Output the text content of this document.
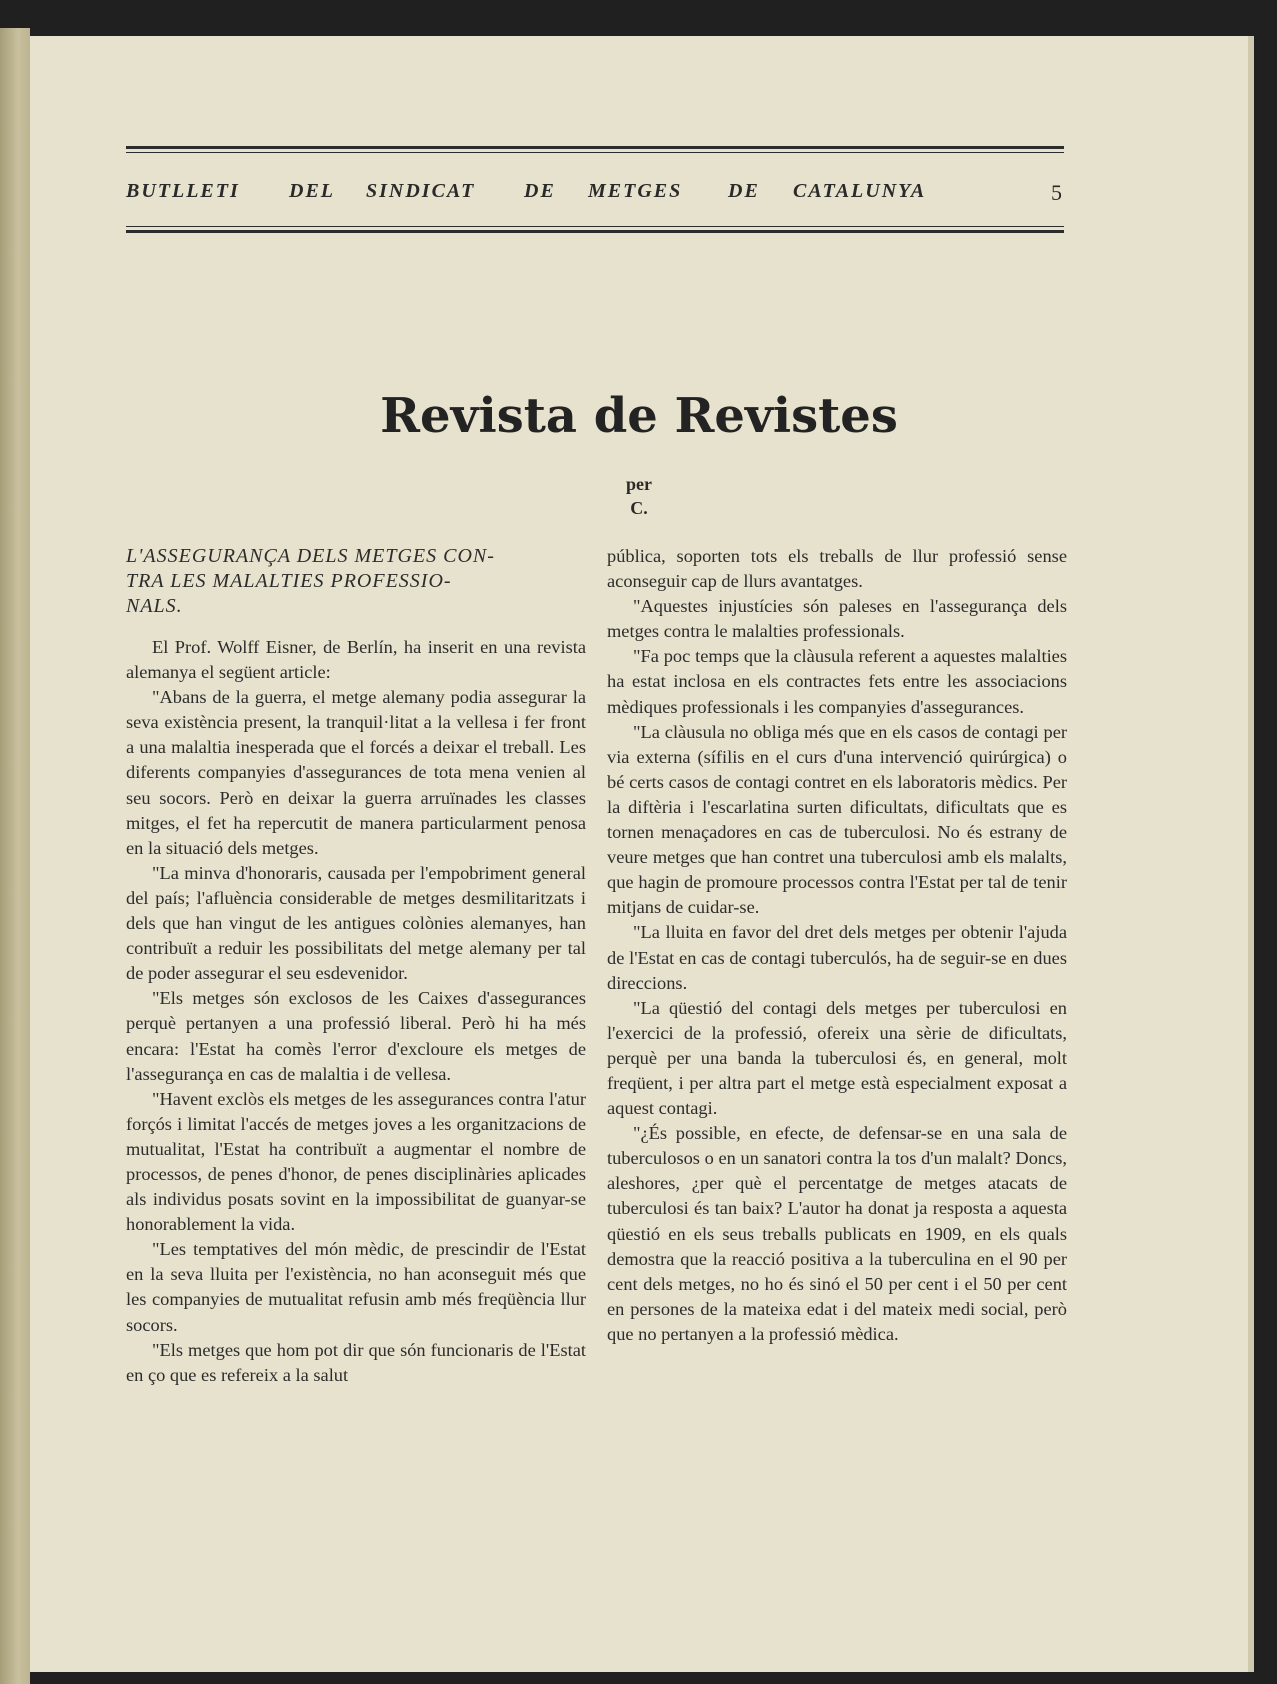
BUTLLETI DEL SINDICAT DE METGES DE CATALUNYA	5
Revista de Revistes
per
C.

L'ASSEGURANÇA DELS METGES CON-
TRA LES MALALTIES PROFESSIO-
NALS.

El Prof. Wolff Eisner, de Berlín, ha inserit en una revista alemanya el següent article:

"Abans de la guerra, el metge alemany podia assegurar la seva existència present, la tranquil·litat a la vellesa i fer front a una malaltia inesperada que el forcés a deixar el treball. Les diferents companyies d'assegurances de tota mena venien al seu socors. Però en deixar la guerra arruïnades les classes mitges, el fet ha repercutit de manera particularment penosa en la situació dels metges.

"La minva d'honoraris, causada per l'empobriment general del país; l'afluència considerable de metges desmilitaritzats i dels que han vingut de les antigues colònies alemanyes, han contribuït a reduir les possibilitats del metge alemany per tal de poder assegurar el seu esdevenidor.

"Els metges són exclosos de les Caixes d'assegurances perquè pertanyen a una professió liberal. Però hi ha més encara: l'Estat ha comès l'error d'excloure els metges de l'assegurança en cas de malaltia i de vellesa.

"Havent exclòs els metges de les assegurances contra l'atur forçós i limitat l'accés de metges joves a les organitzacions de mutualitat, l'Estat ha contribuït a augmentar el nombre de processos, de penes d'honor, de penes disciplinàries aplicades als individus posats sovint en la impossibilitat de guanyar-se honorablement la vida.

"Les temptatives del món mèdic, de prescindir de l'Estat en la seva lluita per l'existència, no han aconseguit més que les companyies de mutualitat refusin amb més freqüència llur socors.

"Els metges que hom pot dir que són funcionaris de l'Estat en ço que es refereix a la salut

pública, soporten tots els treballs de llur professió sense aconseguir cap de llurs avantatges.

"Aquestes injustícies són paleses en l'assegurança dels metges contra le malalties professionals.

"Fa poc temps que la clàusula referent a aquestes malalties ha estat inclosa en els contractes fets entre les associacions mèdiques professionals i les companyies d'assegurances.

"La clàusula no obliga més que en els casos de contagi per via externa (sífilis en el curs d'una intervenció quirúrgica) o bé certs casos de contagi contret en els laboratoris mèdics. Per la diftèria i l'escarlatina surten dificultats, dificultats que es tornen menaçadores en cas de tuberculosi. No és estrany de veure metges que han contret una tuberculosi amb els malalts, que hagin de promoure processos contra l'Estat per tal de tenir mitjans de cuidar-se.

"La lluita en favor del dret dels metges per obtenir l'ajuda de l'Estat en cas de contagi tuberculós, ha de seguir-se en dues direccions.

"La qüestió del contagi dels metges per tuberculosi en l'exercici de la professió, ofereix una sèrie de dificultats, perquè per una banda la tuberculosi és, en general, molt freqüent, i per altra part el metge està especialment exposat a aquest contagi.

"¿És possible, en efecte, de defensar-se en una sala de tuberculosos o en un sanatori contra la tos d'un malalt? Doncs, aleshores, ¿per què el percentatge de metges atacats de tuberculosi és tan baix? L'autor ha donat ja resposta a aquesta qüestió en els seus treballs publicats en 1909, en els quals demostra que la reacció positiva a la tuberculina en el 90 per cent dels metges, no ho és sinó el 50 per cent i el 50 per cent en persones de la mateixa edat i del mateix medi social, però que no pertanyen a la professió mèdica.
